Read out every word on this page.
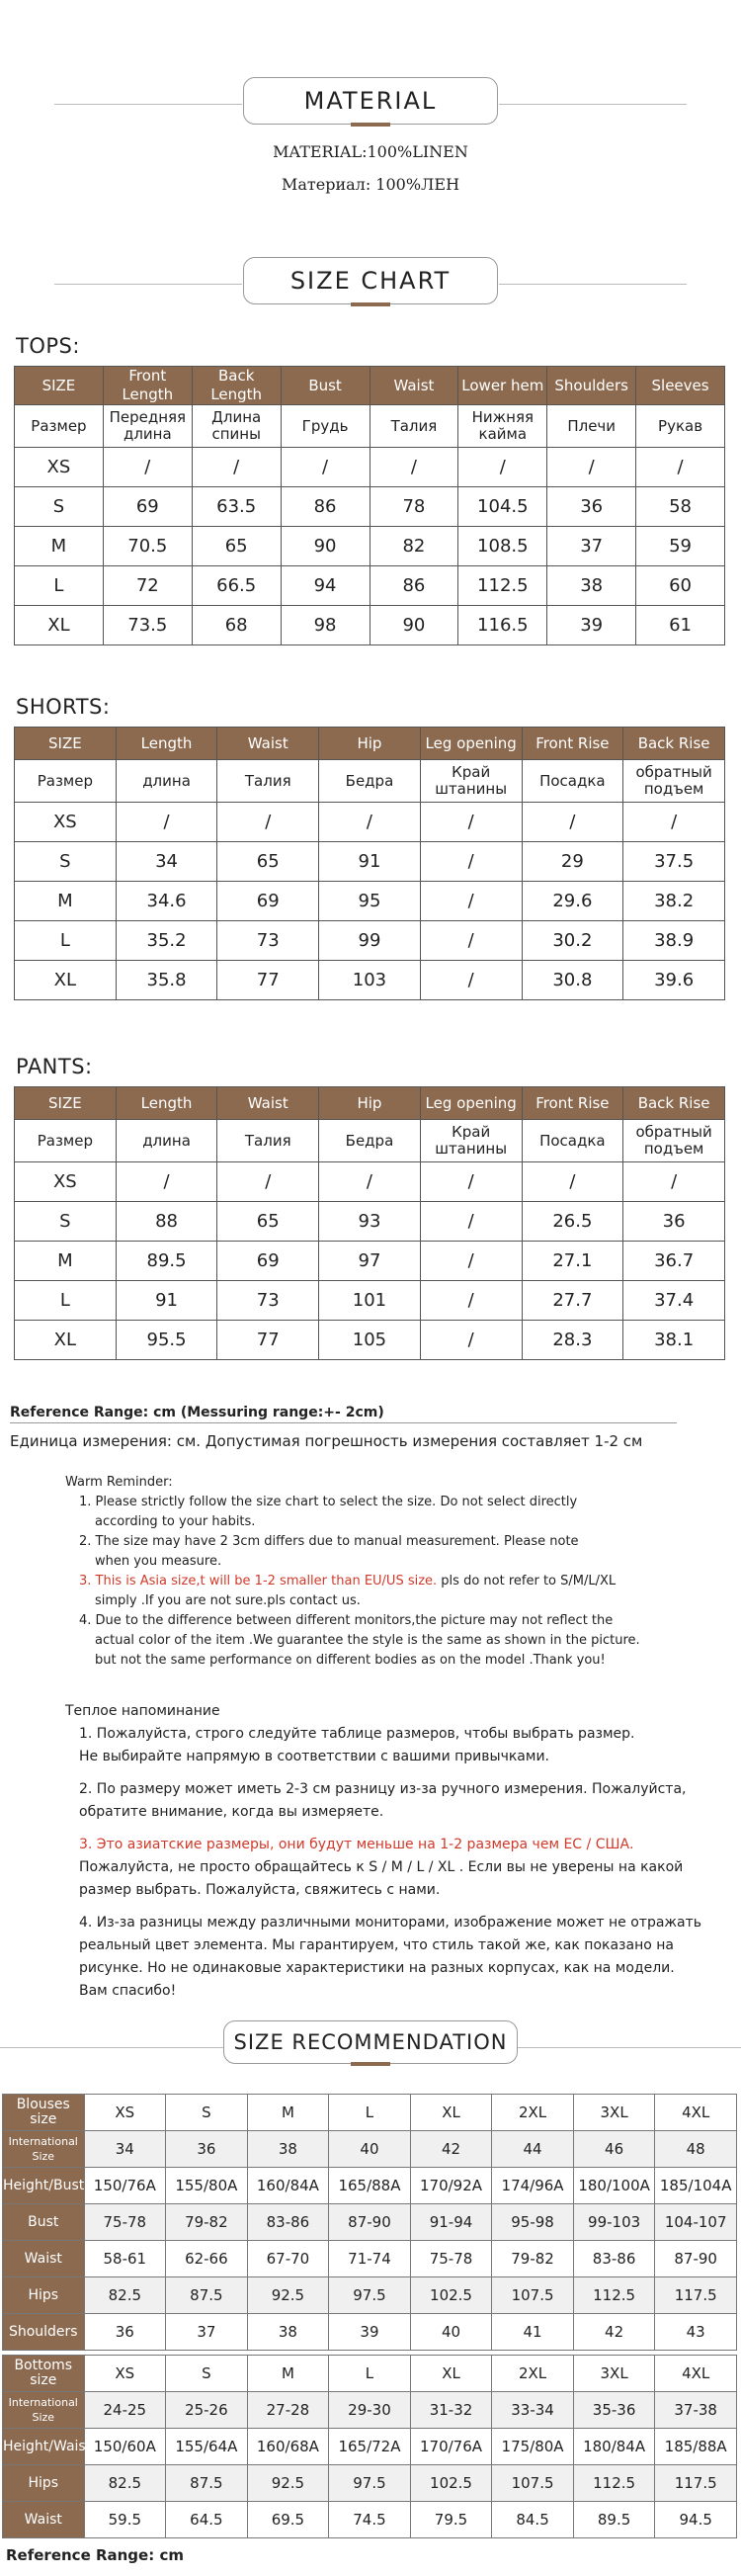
MATERIAL
MATERIAL:100%LINEN
Материал: 100%ЛЕН
SIZE CHART
TOPS:
SIZE	Front Length	Back Length	Bust	Waist	Lower hem	Shoulders	Sleeves
Размер	Передняя длина	Длина спины	Грудь	Талия	Нижняя кайма	Плечи	Рукав
XS	/	/	/	/	/	/	/
S	69	63.5	86	78	104.5	36	58
M	70.5	65	90	82	108.5	37	59
L	72	66.5	94	86	112.5	38	60
XL	73.5	68	98	90	116.5	39	61
SHORTS:
SIZE	Length	Waist	Hip	Leg opening	Front Rise	Back Rise
Размер	длина	Талия	Бедра	Край штанины	Посадка	обратный подъем
XS	/	/	/	/	/	/
S	34	65	91	/	29	37.5
M	34.6	69	95	/	29.6	38.2
L	35.2	73	99	/	30.2	38.9
XL	35.8	77	103	/	30.8	39.6
PANTS:
SIZE	Length	Waist	Hip	Leg opening	Front Rise	Back Rise
Размер	длина	Талия	Бедра	Край штанины	Посадка	обратный подъем
XS	/	/	/	/	/	/
S	88	65	93	/	26.5	36
M	89.5	69	97	/	27.1	36.7
L	91	73	101	/	27.7	37.4
XL	95.5	77	105	/	28.3	38.1
Reference Range: cm (Messuring range:+- 2cm)
Единица измерения: см. Допустимая погрешность измерения составляет 1-2 см
Warm Reminder:
1. Please strictly follow the size chart to select the size. Do not select directly
according to your habits.
2. The size may have 2 3cm differs due to manual measurement. Please note
when you measure.
3. This is Asia size,t will be 1-2 smaller than EU/US size. pls do not refer to S/M/L/XL
simply .If you are not sure.pls contact us.
4. Due to the difference between different monitors,the picture may not reflect the
actual color of the item .We guarantee the style is the same as shown in the picture.
but not the same performance on different bodies as on the model .Thank you!
Теплое напоминание
1. Пожалуйста, строго следуйте таблице размеров, чтобы выбрать размер.
Не выбирайте напрямую в соответствии с вашими привычками.
2. По размеру может иметь 2-3 см разницу из-за ручного измерения. Пожалуйста,
обратите внимание, когда вы измеряете.
3. Это азиатские размеры, они будут меньше на 1-2 размера чем EC / США.
Пожалуйста, не просто обращайтесь к S / M / L / XL . Если вы не уверены на какой
размер выбрать. Пожалуйста, свяжитесь с нами.
4. Из-за разницы между различными мониторами, изображение может не отражать
реальный цвет элемента. Мы гарантируем, что стиль такой же, как показано на
рисунке. Но не одинаковые характеристики на разных корпусах, как на модели.
Вам спасибо!
SIZE RECOMMENDATION
Blouses size	XS	S	M	L	XL	2XL	3XL	4XL
International Size	34	36	38	40	42	44	46	48
Height/Bust	150/76A	155/80A	160/84A	165/88A	170/92A	174/96A	180/100A	185/104A
Bust	75-78	79-82	83-86	87-90	91-94	95-98	99-103	104-107
Waist	58-61	62-66	67-70	71-74	75-78	79-82	83-86	87-90
Hips	82.5	87.5	92.5	97.5	102.5	107.5	112.5	117.5
Shoulders	36	37	38	39	40	41	42	43
Bottoms size	XS	S	M	L	XL	2XL	3XL	4XL
International Size	24-25	25-26	27-28	29-30	31-32	33-34	35-36	37-38
Height/Waist	150/60A	155/64A	160/68A	165/72A	170/76A	175/80A	180/84A	185/88A
Hips	82.5	87.5	92.5	97.5	102.5	107.5	112.5	117.5
Waist	59.5	64.5	69.5	74.5	79.5	84.5	89.5	94.5
Reference Range: cm
